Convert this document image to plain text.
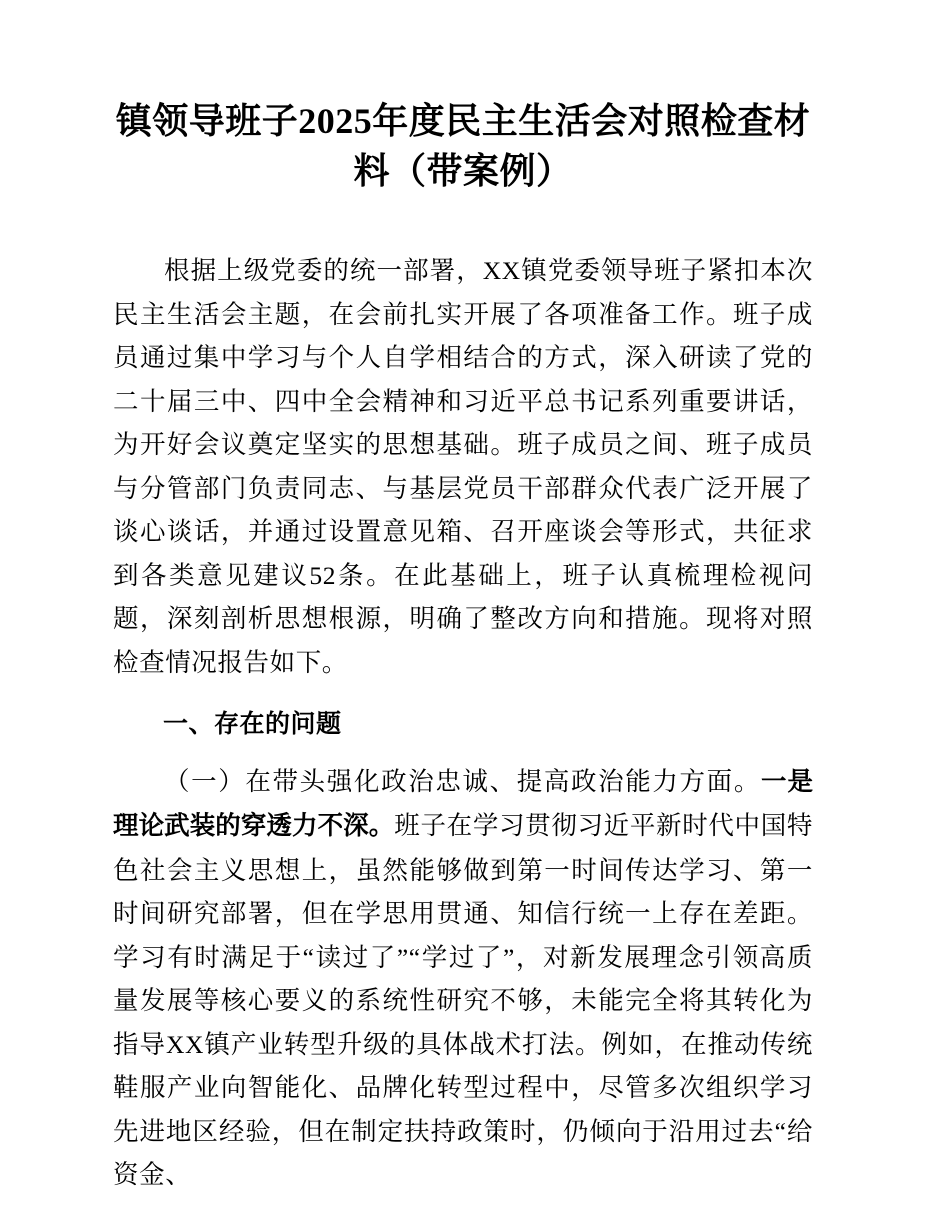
镇领导班子2025年度民主生活会对照检查材料（带案例）

根据上级党委的统一部署，XX镇党委领导班子紧扣本次民主生活会主题，在会前扎实开展了各项准备工作。班子成员通过集中学习与个人自学相结合的方式，深入研读了党的二十届三中、四中全会精神和习近平总书记系列重要讲话，为开好会议奠定坚实的思想基础。班子成员之间、班子成员与分管部门负责同志、与基层党员干部群众代表广泛开展了谈心谈话，并通过设置意见箱、召开座谈会等形式，共征求到各类意见建议52条。在此基础上，班子认真梳理检视问题，深刻剖析思想根源，明确了整改方向和措施。现将对照检查情况报告如下。

一、存在的问题

（一）在带头强化政治忠诚、提高政治能力方面。一是理论武装的穿透力不深。班子在学习贯彻习近平新时代中国特色社会主义思想上，虽然能够做到第一时间传达学习、第一时间研究部署，但在学思用贯通、知信行统一上存在差距。学习有时满足于“读过了”“学过了”，对新发展理念引领高质量发展等核心要义的系统性研究不够，未能完全将其转化为指导XX镇产业转型升级的具体战术打法。例如，在推动传统鞋服产业向智能化、品牌化转型过程中，尽管多次组织学习先进地区经验，但在制定扶持政策时，仍倾向于沿用过去“给资金、
